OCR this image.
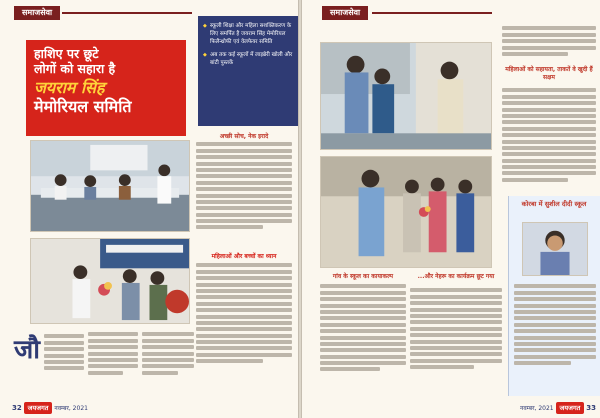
समाजसेवा

◆ स्कूली शिक्षा और महिला सशक्तिकरण के लिए समर्पित है जयराम सिंह मेमोरियल फिलैन्थ्रोफी एवं वेलफेयर समिति

◆ अब तक कई स्कूलों में लाइब्रेरी खोली और बांटी पुस्तकें

हाशिए पर छूटे
लोगों को सहारा है
जयराम सिंह
मेमोरियल समिति
अच्छी सोच, नेक इरादे
महिलाओं और बच्चों का ध्यान
जौ
32 जयजगत नवम्बर, 2021
समाजसेवा
महिलाओं को सहायता, ताकतें वे खुदी हैं सक्षम
कोरबा में सुशील दीदी स्कूल
गांव के स्कूल का कायाकल्प	...और नेहरू का कार्यक्रम छूट गया
नवम्बर, 2021 जयजगत 33
